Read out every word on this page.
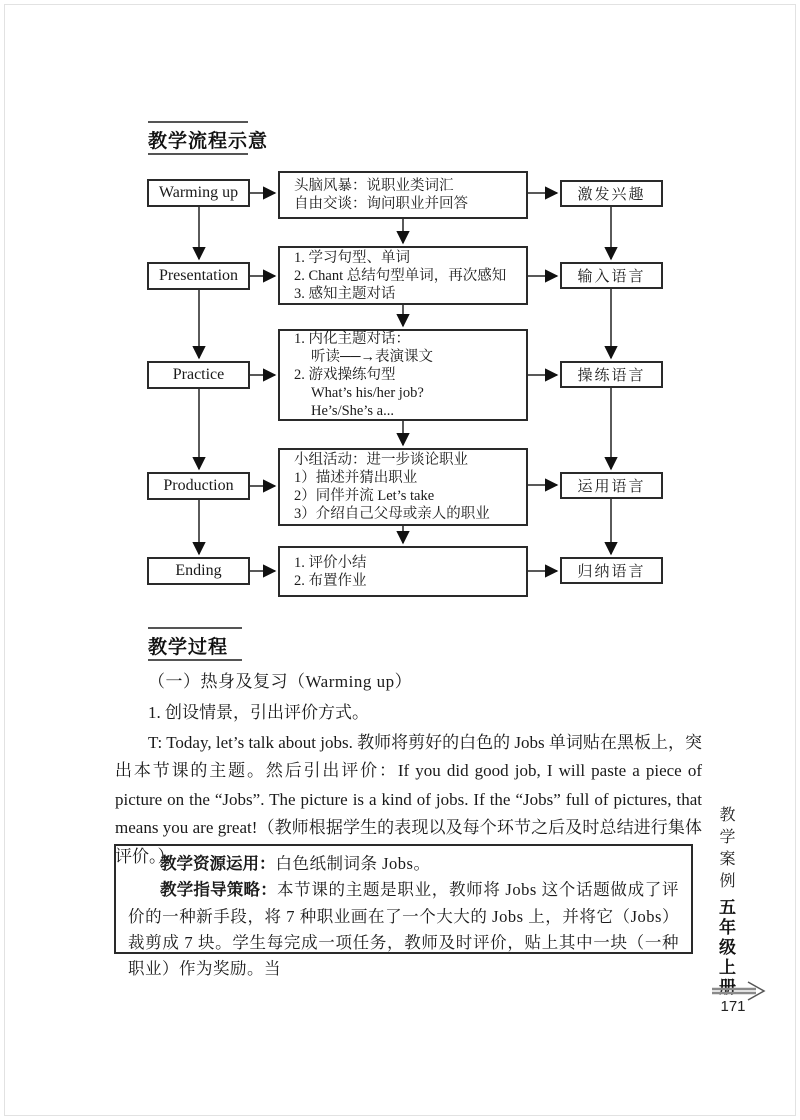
教学流程示意
Warming up	头脑风暴：说职业类词汇
自由交谈：询问职业并回答
激发兴趣
Presentation
1. 学习句型、单词
2. Chant 总结句型单词，再次感知
3. 感知主题对话
输入语言
Practice
1. 内化主题对话：
听读──→表演课文
2. 游戏操练句型
What’s his/her job?
He’s/She’s a...
操练语言
Production
小组活动：进一步谈论职业
1）描述并猜出职业
2）同伴并流 Let’s take
3）介绍自己父母或亲人的职业
运用语言
Ending	1. 评价小结
2. 布置作业
归纳语言
教学过程

（一）热身及复习（Warming up）

1. 创设情景，引出评价方式。

T: Today, let’s talk about jobs. 教师将剪好的白色的 Jobs 单词贴在黑板上，突出本节课的主题。然后引出评价：If you did good job, I will paste a piece of picture on the “Jobs”. The picture is a kind of jobs. If the “Jobs” full of pictures, that means you are great!（教师根据学生的表现以及每个环节之后及时总结进行集体评价。）

教学资源运用：白色纸制词条 Jobs。

教学指导策略：本节课的主题是职业，教师将 Jobs 这个话题做成了评价的一种新手段，将 7 种职业画在了一个大大的 Jobs 上，并将它（Jobs）裁剪成 7 块。学生每完成一项任务，教师及时评价，贴上其中一块（一种职业）作为奖励。当

教学案例
五年级上册
171
